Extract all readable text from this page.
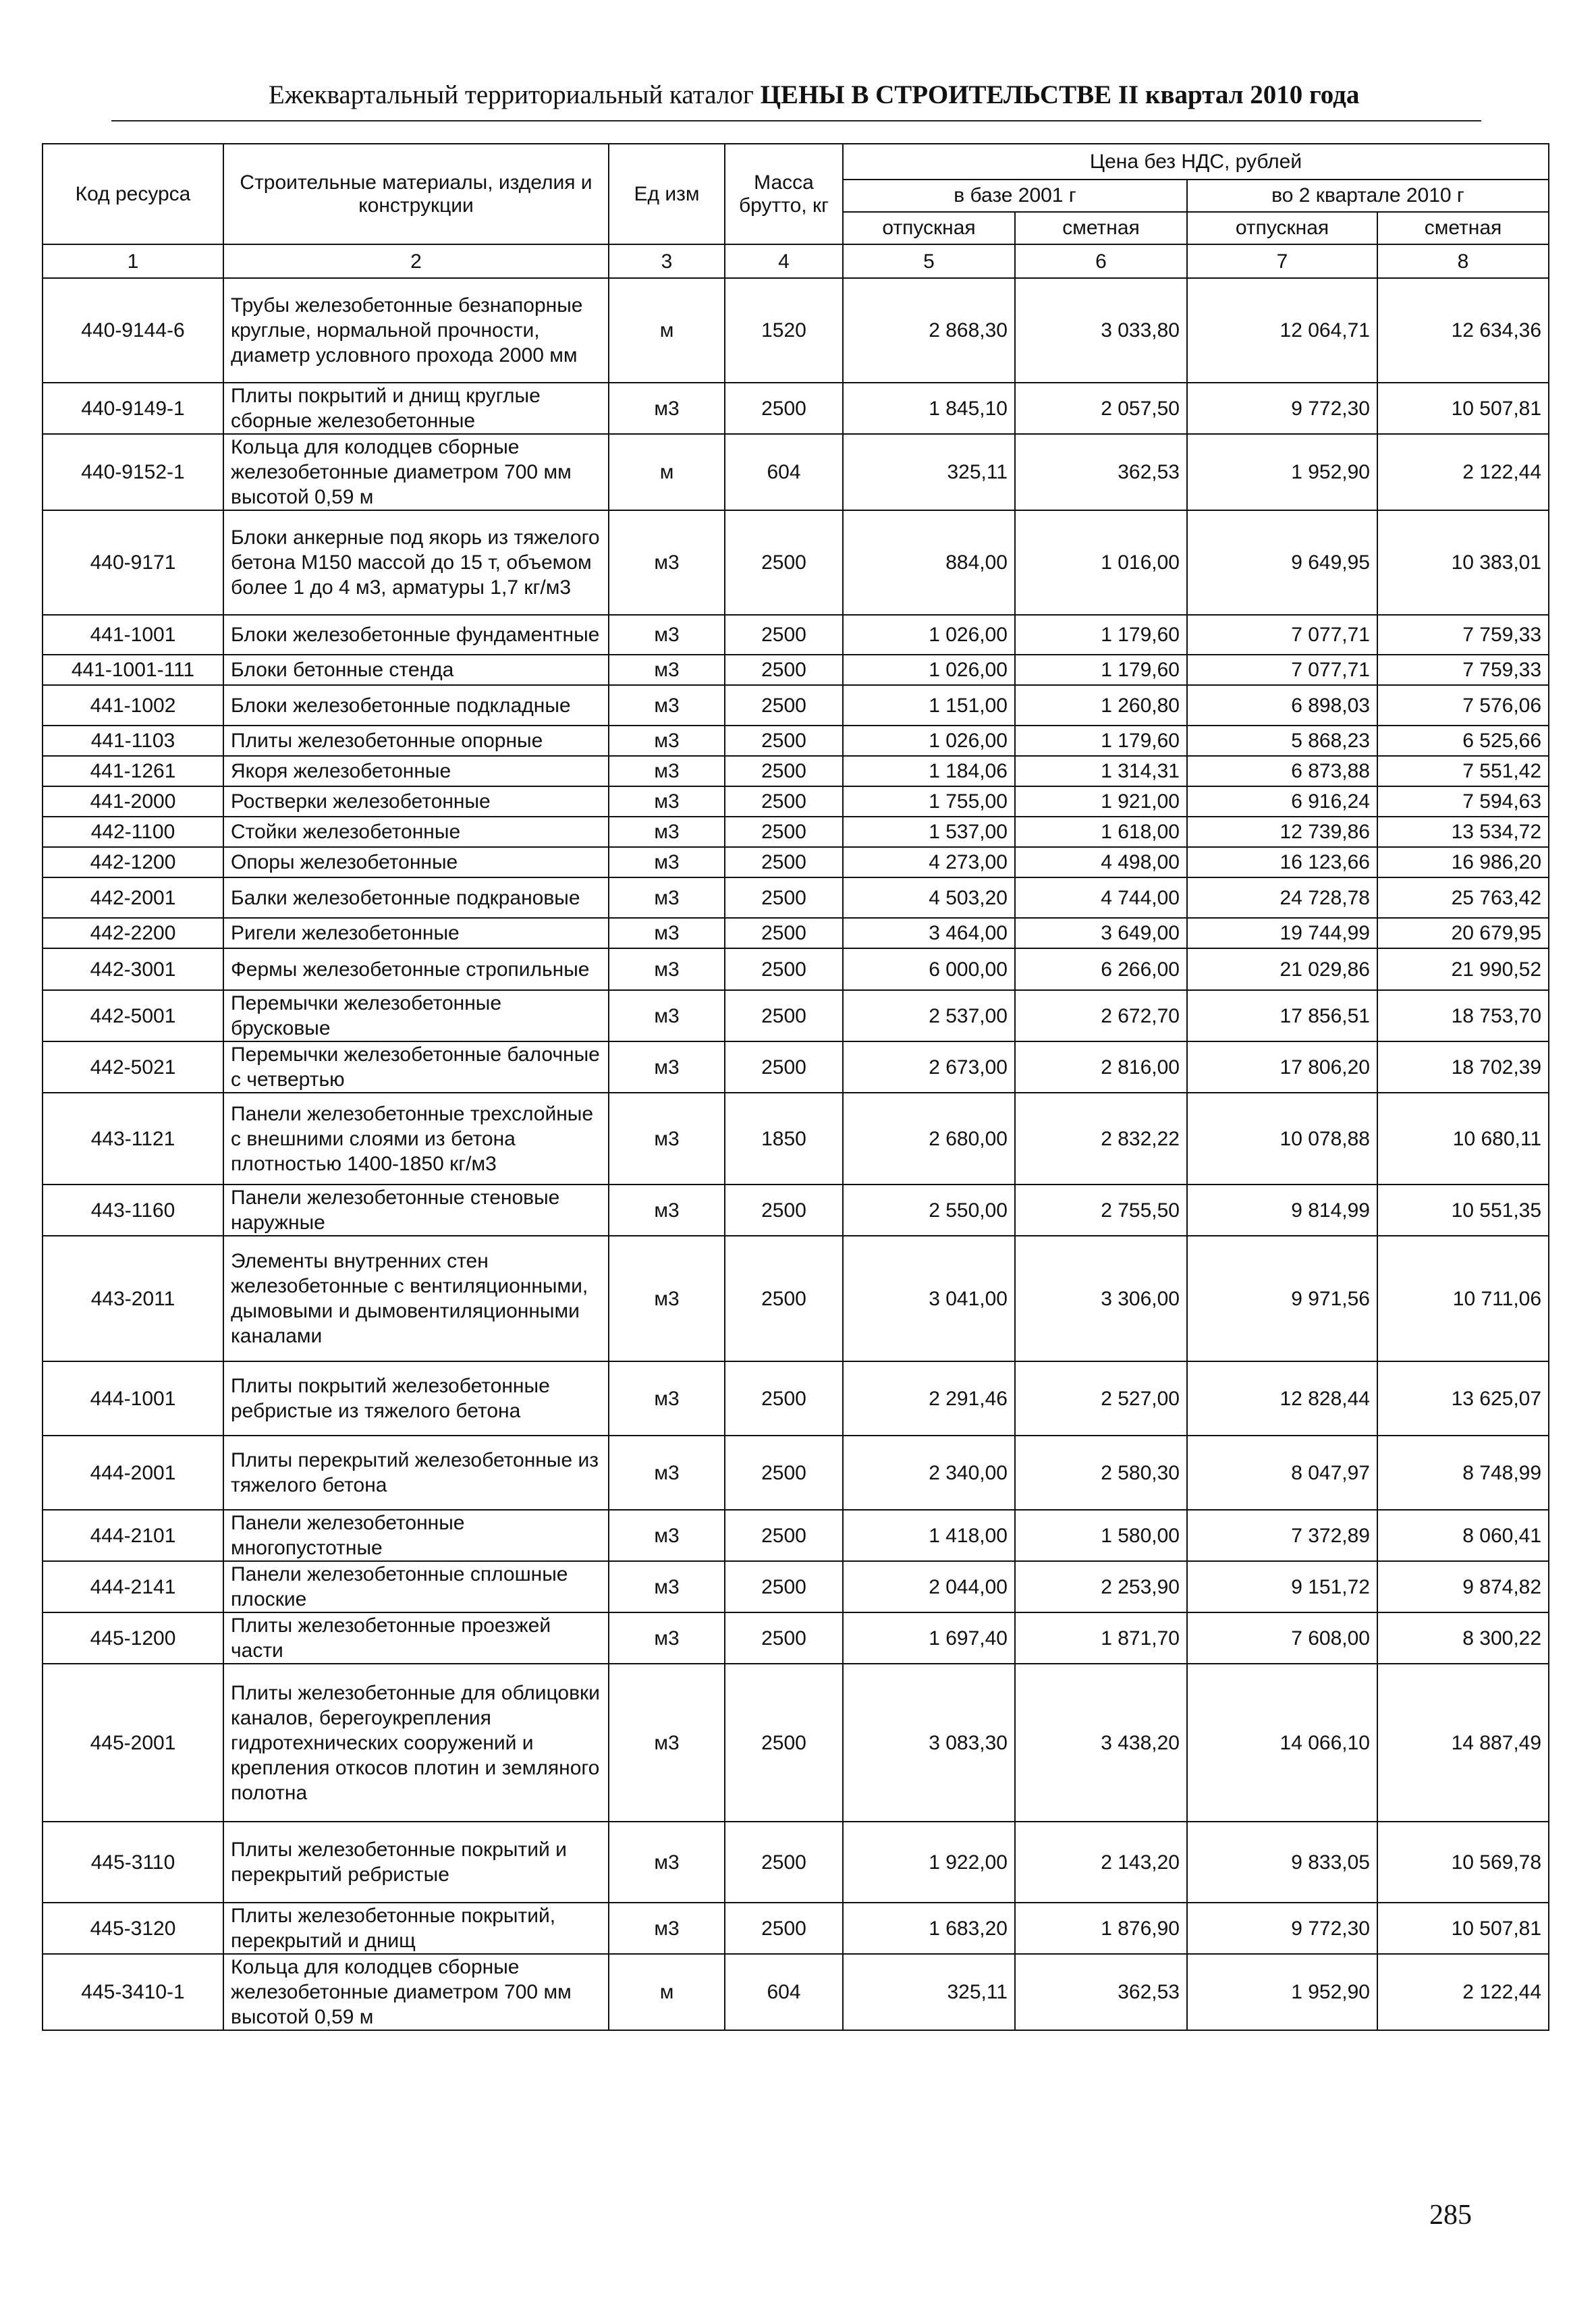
Ежеквартальный территориальный каталог ЦЕНЫ В СТРОИТЕЛЬСТВЕ II квартал 2010 года
Код ресурса	Строительные материалы, изделия и конструкции	Ед изм	Масса брутто, кг	Цена без НДС, рублей			
				в базе 2001 г		во 2 квартале 2010 г	
				отпускная	сметная	отпускная	сметная
1	2	3	4	5	6	7	8
440-9144-6	Трубы железобетонные безнапорные круглые, нормальной прочности, диаметр условного прохода 2000 мм	м	1520	2 868,30	3 033,80	12 064,71	12 634,36
440-9149-1	Плиты покрытий и днищ круглые сборные железобетонные	м3	2500	1 845,10	2 057,50	9 772,30	10 507,81
440-9152-1	Кольца для колодцев сборные железобетонные диаметром 700 мм высотой 0,59 м	м	604	325,11	362,53	1 952,90	2 122,44
440-9171	Блоки анкерные под якорь из тяжелого бетона М150 массой до 15 т, объемом более 1 до 4 м3, арматуры 1,7 кг/м3	м3	2500	884,00	1 016,00	9 649,95	10 383,01
441-1001	Блоки железобетонные фундаментные	м3	2500	1 026,00	1 179,60	7 077,71	7 759,33
441-1001-111	Блоки бетонные стенда	м3	2500	1 026,00	1 179,60	7 077,71	7 759,33
441-1002	Блоки железобетонные подкладные	м3	2500	1 151,00	1 260,80	6 898,03	7 576,06
441-1103	Плиты железобетонные опорные	м3	2500	1 026,00	1 179,60	5 868,23	6 525,66
441-1261	Якоря железобетонные	м3	2500	1 184,06	1 314,31	6 873,88	7 551,42
441-2000	Ростверки железобетонные	м3	2500	1 755,00	1 921,00	6 916,24	7 594,63
442-1100	Стойки железобетонные	м3	2500	1 537,00	1 618,00	12 739,86	13 534,72
442-1200	Опоры железобетонные	м3	2500	4 273,00	4 498,00	16 123,66	16 986,20
442-2001	Балки железобетонные подкрановые	м3	2500	4 503,20	4 744,00	24 728,78	25 763,42
442-2200	Ригели железобетонные	м3	2500	3 464,00	3 649,00	19 744,99	20 679,95
442-3001	Фермы железобетонные стропильные	м3	2500	6 000,00	6 266,00	21 029,86	21 990,52
442-5001	Перемычки железобетонные брусковые	м3	2500	2 537,00	2 672,70	17 856,51	18 753,70
442-5021	Перемычки железобетонные балочные с четвертью	м3	2500	2 673,00	2 816,00	17 806,20	18 702,39
443-1121	Панели железобетонные трехслойные с внешними слоями из бетона плотностью 1400-1850 кг/м3	м3	1850	2 680,00	2 832,22	10 078,88	10 680,11
443-1160	Панели железобетонные стеновые наружные	м3	2500	2 550,00	2 755,50	9 814,99	10 551,35
443-2011	Элементы внутренних стен железобетонные с вентиляционными, дымовыми и дымовентиляционными каналами	м3	2500	3 041,00	3 306,00	9 971,56	10 711,06
444-1001	Плиты покрытий железобетонные ребристые из тяжелого бетона	м3	2500	2 291,46	2 527,00	12 828,44	13 625,07
444-2001	Плиты перекрытий железобетонные из тяжелого бетона	м3	2500	2 340,00	2 580,30	8 047,97	8 748,99
444-2101	Панели железобетонные многопустотные	м3	2500	1 418,00	1 580,00	7 372,89	8 060,41
444-2141	Панели железобетонные сплошные плоские	м3	2500	2 044,00	2 253,90	9 151,72	9 874,82
445-1200	Плиты железобетонные проезжей части	м3	2500	1 697,40	1 871,70	7 608,00	8 300,22
445-2001	Плиты железобетонные для облицовки каналов, берегоукрепления гидротехнических сооружений и крепления откосов плотин и земляного полотна	м3	2500	3 083,30	3 438,20	14 066,10	14 887,49
445-3110	Плиты железобетонные покрытий и перекрытий ребристые	м3	2500	1 922,00	2 143,20	9 833,05	10 569,78
445-3120	Плиты железобетонные покрытий, перекрытий и днищ	м3	2500	1 683,20	1 876,90	9 772,30	10 507,81
445-3410-1	Кольца для колодцев сборные железобетонные диаметром 700 мм высотой 0,59 м	м	604	325,11	362,53	1 952,90	2 122,44
285
